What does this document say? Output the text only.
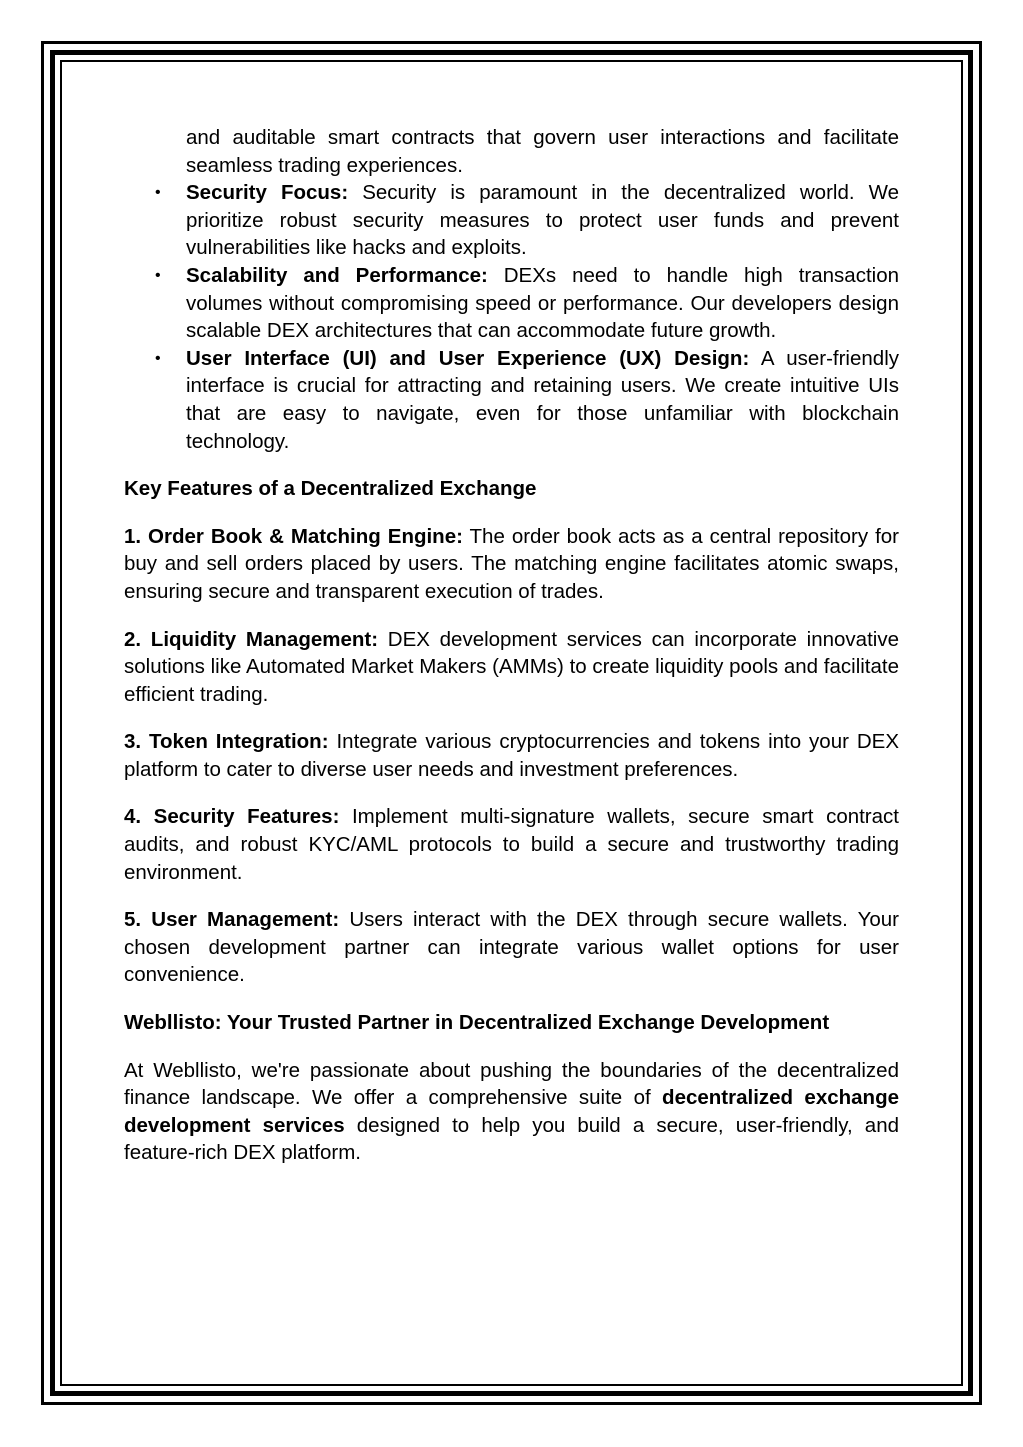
and auditable smart contracts that govern user interactions and facilitate seamless trading experiences.
• Security Focus: Security is paramount in the decentralized world. We prioritize robust security measures to protect user funds and prevent vulnerabilities like hacks and exploits.
• Scalability and Performance: DEXs need to handle high transaction volumes without compromising speed or performance. Our developers design scalable DEX architectures that can accommodate future growth.
• User Interface (UI) and User Experience (UX) Design: A user-friendly interface is crucial for attracting and retaining users. We create intuitive UIs that are easy to navigate, even for those unfamiliar with blockchain technology.

Key Features of a Decentralized Exchange

1. Order Book & Matching Engine: The order book acts as a central repository for buy and sell orders placed by users. The matching engine facilitates atomic swaps, ensuring secure and transparent execution of trades.

2. Liquidity Management: DEX development services can incorporate innovative solutions like Automated Market Makers (AMMs) to create liquidity pools and facilitate efficient trading.

3. Token Integration: Integrate various cryptocurrencies and tokens into your DEX platform to cater to diverse user needs and investment preferences.

4. Security Features: Implement multi-signature wallets, secure smart contract audits, and robust KYC/AML protocols to build a secure and trustworthy trading environment.

5. User Management: Users interact with the DEX through secure wallets. Your chosen development partner can integrate various wallet options for user convenience.

Webllisto: Your Trusted Partner in Decentralized Exchange Development

At Webllisto, we're passionate about pushing the boundaries of the decentralized finance landscape. We offer a comprehensive suite of decentralized exchange development services designed to help you build a secure, user-friendly, and feature-rich DEX platform.
